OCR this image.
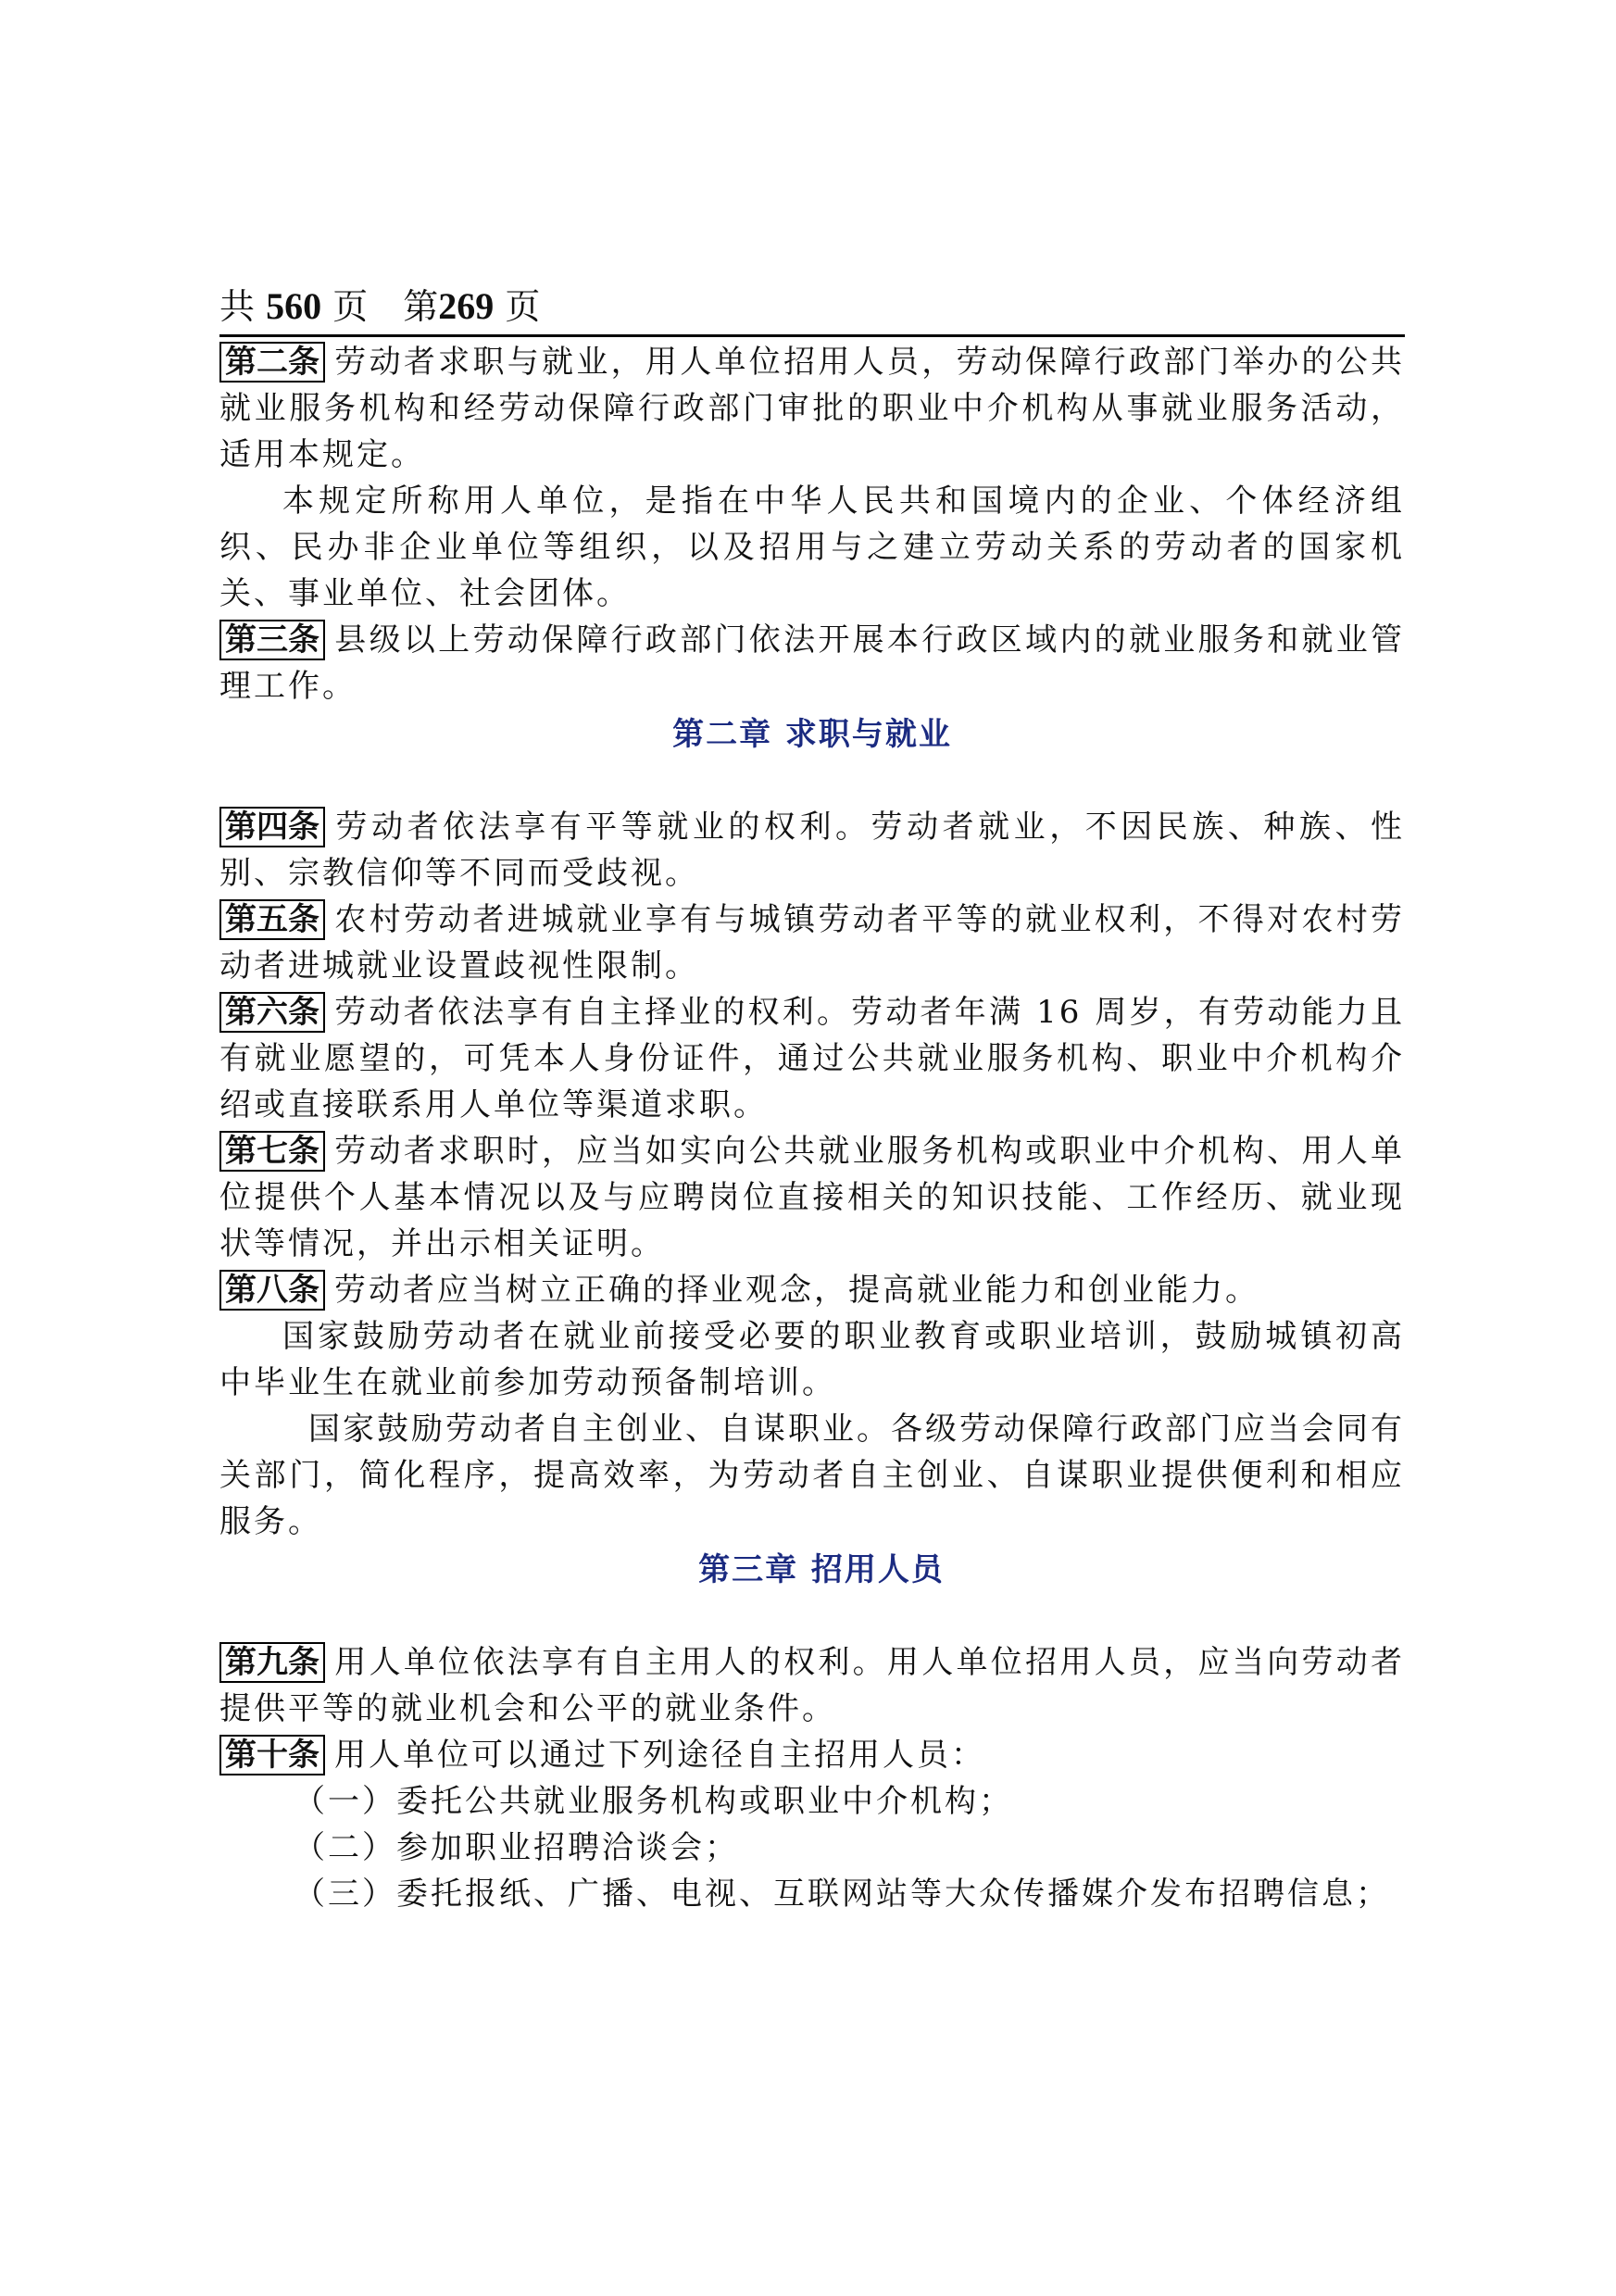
共 560 页　第269 页

第二条 劳动者求职与就业，用人单位招用人员，劳动保障行政部门举办的公共就业服务机构和经劳动保障行政部门审批的职业中介机构从事就业服务活动，适用本规定。

本规定所称用人单位，是指在中华人民共和国境内的企业、个体经济组织、民办非企业单位等组织，以及招用与之建立劳动关系的劳动者的国家机关、事业单位、社会团体。

第三条 县级以上劳动保障行政部门依法开展本行政区域内的就业服务和就业管理工作。

第二章 求职与就业

第四条 劳动者依法享有平等就业的权利。劳动者就业，不因民族、种族、性别、宗教信仰等不同而受歧视。

第五条 农村劳动者进城就业享有与城镇劳动者平等的就业权利，不得对农村劳动者进城就业设置歧视性限制。

第六条 劳动者依法享有自主择业的权利。劳动者年满 16 周岁，有劳动能力且有就业愿望的，可凭本人身份证件，通过公共就业服务机构、职业中介机构介绍或直接联系用人单位等渠道求职。

第七条 劳动者求职时，应当如实向公共就业服务机构或职业中介机构、用人单位提供个人基本情况以及与应聘岗位直接相关的知识技能、工作经历、就业现状等情况，并出示相关证明。

第八条 劳动者应当树立正确的择业观念，提高就业能力和创业能力。

国家鼓励劳动者在就业前接受必要的职业教育或职业培训，鼓励城镇初高中毕业生在就业前参加劳动预备制培训。

国家鼓励劳动者自主创业、自谋职业。各级劳动保障行政部门应当会同有关部门，简化程序，提高效率，为劳动者自主创业、自谋职业提供便利和相应服务。

第三章 招用人员

第九条 用人单位依法享有自主用人的权利。用人单位招用人员，应当向劳动者提供平等的就业机会和公平的就业条件。

第十条 用人单位可以通过下列途径自主招用人员：

（一）委托公共就业服务机构或职业中介机构；

（二）参加职业招聘洽谈会；

（三）委托报纸、广播、电视、互联网站等大众传播媒介发布招聘信息；
